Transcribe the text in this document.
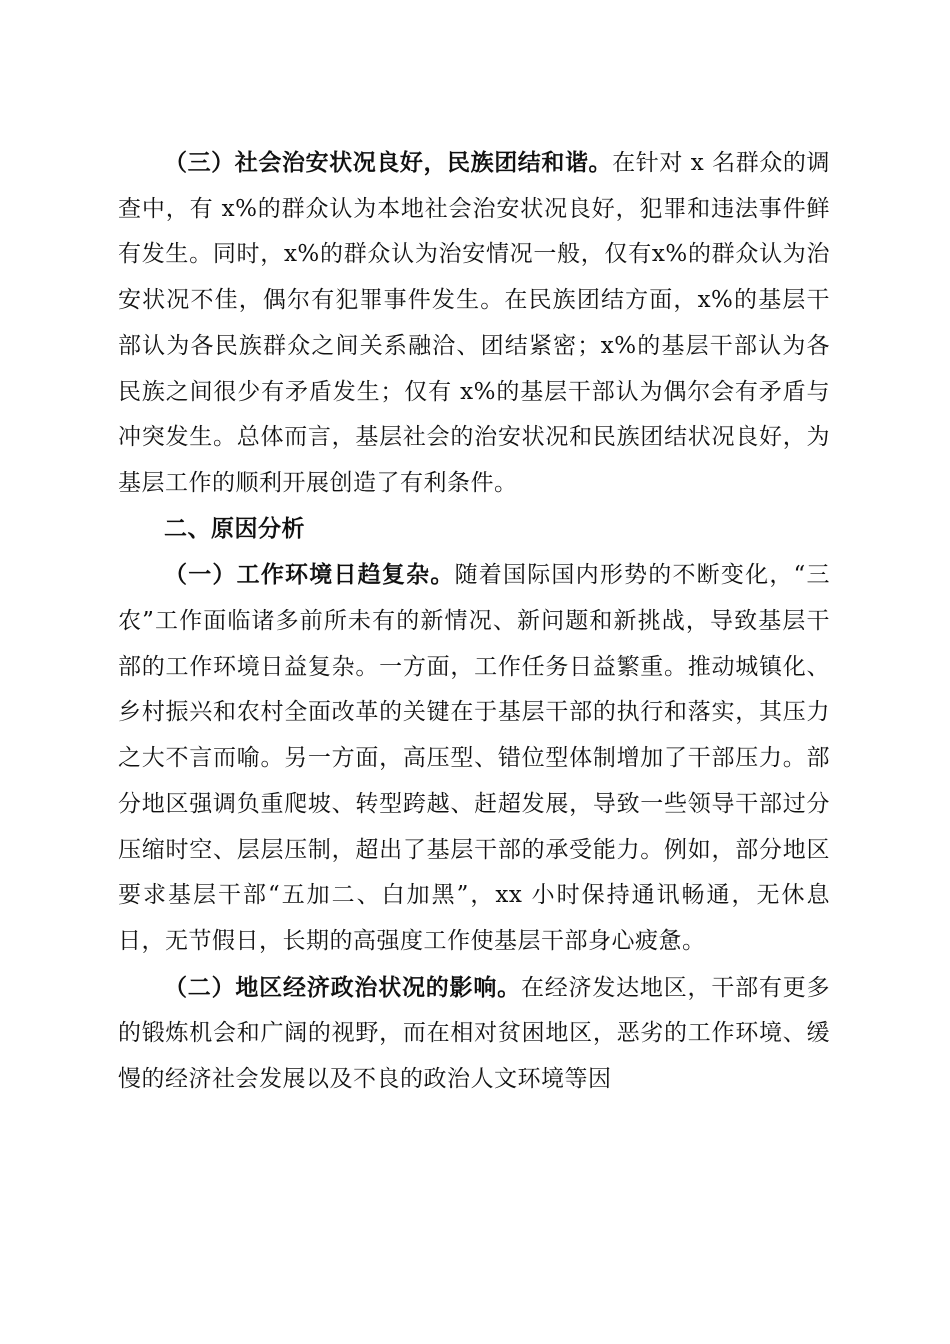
（三）社会治安状况良好，民族团结和谐。在针对 x 名群众的调查中，有 x%的群众认为本地社会治安状况良好，犯罪和违法事件鲜有发生。同时，x%的群众认为治安情况一般，仅有x%的群众认为治安状况不佳，偶尔有犯罪事件发生。在民族团结方面，x%的基层干部认为各民族群众之间关系融洽、团结紧密；x%的基层干部认为各民族之间很少有矛盾发生；仅有 x%的基层干部认为偶尔会有矛盾与冲突发生。总体而言，基层社会的治安状况和民族团结状况良好，为基层工作的顺利开展创造了有利条件。

二、原因分析

（一）工作环境日趋复杂。随着国际国内形势的不断变化，“三农”工作面临诸多前所未有的新情况、新问题和新挑战，导致基层干部的工作环境日益复杂。一方面，工作任务日益繁重。推动城镇化、乡村振兴和农村全面改革的关键在于基层干部的执行和落实，其压力之大不言而喻。另一方面，高压型、错位型体制增加了干部压力。部分地区强调负重爬坡、转型跨越、赶超发展，导致一些领导干部过分压缩时空、层层压制，超出了基层干部的承受能力。例如，部分地区要求基层干部“五加二、白加黑”，xx 小时保持通讯畅通，无休息日，无节假日，长期的高强度工作使基层干部身心疲惫。

（二）地区经济政治状况的影响。在经济发达地区，干部有更多的锻炼机会和广阔的视野，而在相对贫困地区，恶劣的工作环境、缓慢的经济社会发展以及不良的政治人文环境等因
